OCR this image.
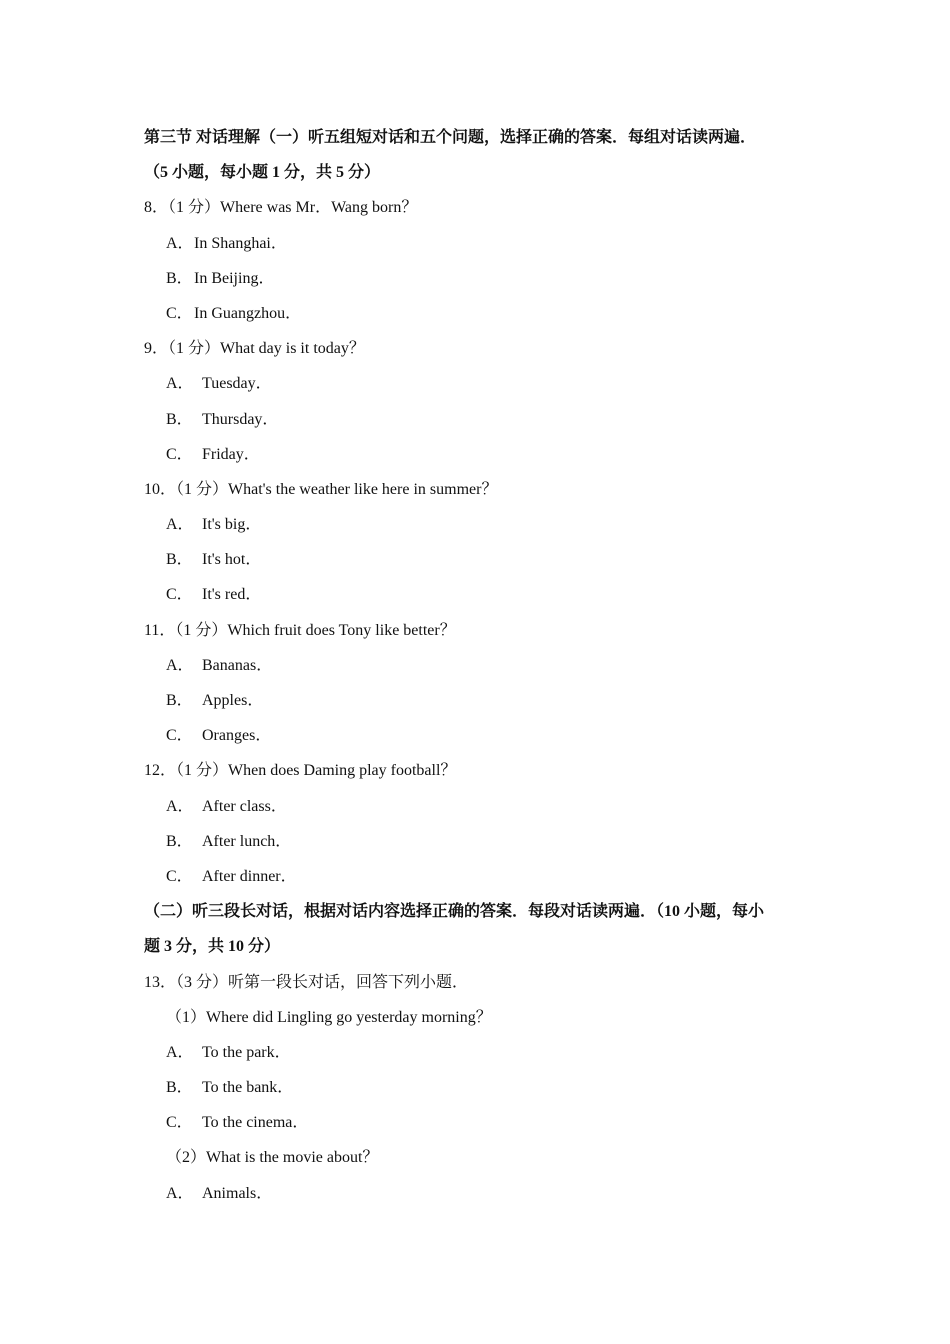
第三节 对话理解（一）听五组短对话和五个问题，选择正确的答案．每组对话读两遍．
（5 小题，每小题 1 分，共 5 分）
8．（1 分）Where was Mr．Wang born？
A．In Shanghai．
B．In Beijing．
C．In Guangzhou．
9．（1 分）What day is it today？
A． Tuesday．
B． Thursday．
C． Friday．
10．（1 分）What's the weather like here in summer？
A． It's big．
B． It's hot．
C． It's red．
11．（1 分）Which fruit does Tony like better？
A． Bananas．
B． Apples．
C． Oranges．
12．（1 分）When does Daming play football？
A． After class．
B． After lunch．
C． After dinner．
（二）听三段长对话，根据对话内容选择正确的答案．每段对话读两遍．（10 小题，每小
题 3 分，共 10 分）
13．（3 分）听第一段长对话，回答下列小题．
（1）Where did Lingling go yesterday morning？
A． To the park．
B． To the bank．
C． To the cinema．
（2）What is the movie about？
A． Animals．
